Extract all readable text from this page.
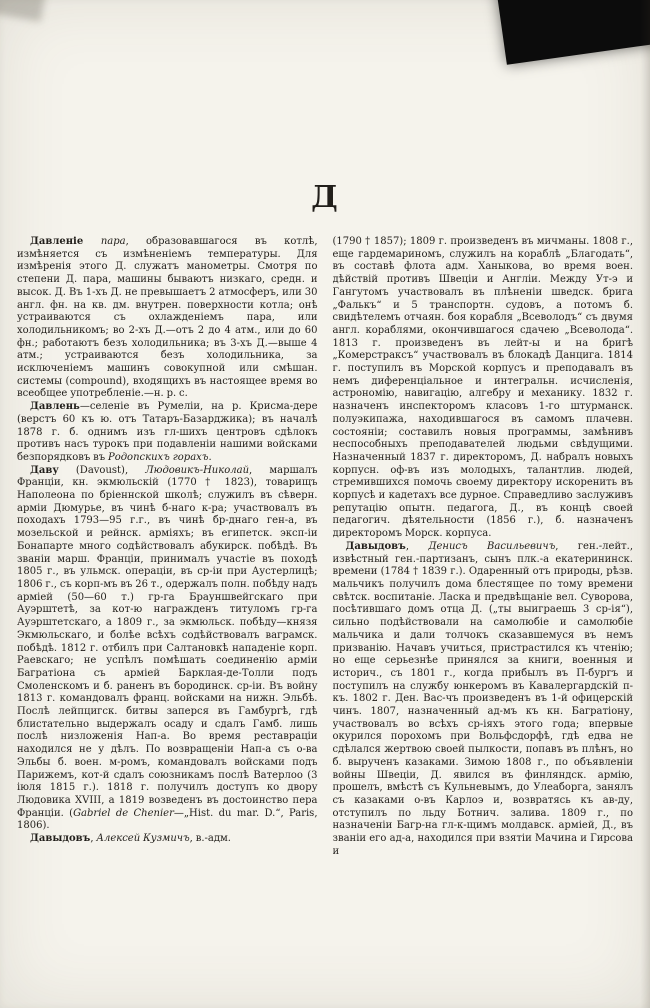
Д

Давленіе пара, образовавшагося въ котлѣ, измѣняется съ измѣненіемъ температуры. Для измѣренія этого Д. служатъ манометры. Смотря по степени Д. пара, машины бываютъ низкаго, средн. и высок. Д. Въ 1-хъ Д. не превышаетъ 2 атмосферъ, или 30 англ. фн. на кв. дм. внутрен. поверхности котла; онѣ устраиваются съ охлажденіемъ пара, или холодильникомъ; во 2-хъ Д.—отъ 2 до 4 атм., или до 60 фн.; работаютъ безъ холодильника; въ 3-хъ Д.—выше 4 атм.; устраиваются безъ холодильника, за исключеніемъ машинъ совокупной или смѣшан. системы (compound), входящихъ въ настоящее время во всеобщее употребленіе.—н. р. с.

Давлень—селеніе въ Румеліи, на р. Крисма-дере (верстъ 60 къ ю. отъ Татаръ-Базарджика); въ началѣ 1878 г. б. однимъ изъ гл-шихъ центровъ сдѣлокъ противъ насъ турокъ при подавленіи нашими войсками безпорядковъ въ Родопскихъ горахъ.

Даву (Davoust), Людовикъ-Николай, маршалъ Франціи, кн. экмюльскій (1770 † 1823), товарищъ Наполеона по бріеннской школѣ; служилъ въ сѣверн. арміи Дюмурье, въ чинѣ б-наго к-ра; участвовалъ въ походахъ 1793—95 г.г., въ чинѣ бр-днаго ген-а, въ мозельской и рейнск. арміяхъ; въ египетск. эксп-іи Бонапарте много содѣйствовалъ абукирск. побѣдѣ. Въ званіи марш. Франціи, принималъ участіе въ походѣ 1805 г., въ ульмск. операціи, въ ср-іи при Аустерлицѣ; 1806 г., съ корп-мъ въ 26 т., одержалъ полн. побѣду надъ арміей (50—60 т.) гр-га Брауншвейгскаго при Ауэрштетѣ, за кот-ю награжденъ титуломъ гр-га Ауэрштетскаго, а 1809 г., за экмюльск. побѣду—князя Экмюльскаго, и болѣе всѣхъ содѣйствовалъ ваграмск. побѣдѣ. 1812 г. отбилъ при Салтановкѣ нападеніе корп. Раевскаго; не успѣлъ помѣшать соединенію арміи Багратіона съ арміей Барклая-де-Толли подъ Смоленскомъ и б. раненъ въ бородинск. ср-іи. Въ войну 1813 г. командовалъ франц. войсками на нижн. Эльбѣ. Послѣ лейпцигск. битвы заперся въ Гамбургѣ, гдѣ блистательно выдержалъ осаду и сдалъ Гамб. лишь послѣ низложенія Нап-а. Во время реставраціи находился не у дѣлъ. По возвращеніи Нап-а съ о-ва Эльбы б. воен. м-ромъ, командовалъ войсками подъ Парижемъ, кот-й сдалъ союзникамъ послѣ Ватерлоо (3 іюля 1815 г.). 1818 г. получилъ доступъ ко двору Людовика XVIII, а 1819 возведенъ въ достоинство пера Франціи. (Gabriel de Chenier—„Hist. du mar. D.“, Paris, 1806).

Давыдовъ, Алексей Кузмичъ, в.-адм.

(1790 † 1857); 1809 г. произведенъ въ мичманы. 1808 г., еще гардемариномъ, служилъ на кораблѣ „Благодать“, въ составѣ флота адм. Ханыкова, во время воен. дѣйствій противъ Швеціи и Англіи. Между Ут-э и Гангутомъ участвовалъ въ плѣненіи шведск. брига „Фалькъ“ и 5 транспортн. судовъ, а потомъ б. свидѣтелемъ отчаян. боя корабля „Всеволодъ“ съ двумя англ. кораблями, окончившагося сдачею „Всеволода“. 1813 г. произведенъ въ лейт-ы и на бригѣ „Комерстраксъ“ участвовалъ въ блокадѣ Данцига. 1814 г. поступилъ въ Морской корпусъ и преподавалъ въ немъ диференціальное и интегральн. исчисленія, астрономію, навигацію, алгебру и механику. 1832 г. назначенъ инспекторомъ класовъ 1-го штурманск. полуэкипажа, находившагося въ самомъ плачевн. состояніи; составилъ новыя программы, замѣнивъ неспособныхъ преподавателей людьми свѣдущими. Назначенный 1837 г. директоромъ, Д. набралъ новыхъ корпусн. оф-въ изъ молодыхъ, талантлив. людей, стремившихся помочь своему директору искоренить въ корпусѣ и кадетахъ все дурное. Справедливо заслуживъ репутацію опытн. педагога, Д., въ концѣ своей педагогич. дѣятельности (1856 г.), б. назначенъ директоромъ Морск. корпуса.

Давыдовъ, Денисъ Васильевичъ, ген.-лейт., извѣстный ген.-партизанъ, сынъ плк.-а екатерининск. времени (1784 † 1839 г.). Одаренный отъ природы, рѣзв. мальчикъ получилъ дома блестящее по тому времени свѣтск. воспитаніе. Ласка и предвѣщаніе вел. Суворова, посѣтившаго домъ отца Д. („ты выиграешь 3 ср-ія“), сильно подѣйствовали на самолюбіе и самолюбіе мальчика и дали толчокъ сказавшемуся въ немъ призванію. Начавъ учиться, пристрастился къ чтенію; но еще серьезнѣе принялся за книги, военныя и историч., съ 1801 г., когда прибылъ въ П-бургъ и поступилъ на службу юнкеромъ въ Кавалергардскій п-къ. 1802 г. Ден. Вас-чъ произведенъ въ 1-й офицерскій чинъ. 1807, назначенный ад-мъ къ кн. Багратіону, участвовалъ во всѣхъ ср-іяхъ этого года; впервые окурился порохомъ при Вольфсдорфѣ, гдѣ едва не сдѣлался жертвою своей пылкости, попавъ въ плѣнъ, но б. вырученъ казаками. Зимою 1808 г., по объявленіи войны Швеціи, Д. явился въ финляндск. армію, прошелъ, вмѣстѣ съ Кульневымъ, до Улеаборга, занялъ съ казаками о-въ Карлоэ и, возвратясь къ ав-ду, отступилъ по льду Ботнич. залива. 1809 г., по назначеніи Багр-на гл-к-щимъ молдавск. арміей, Д., въ званіи его ад-а, находился при взятіи Мачина и Гирсова и
